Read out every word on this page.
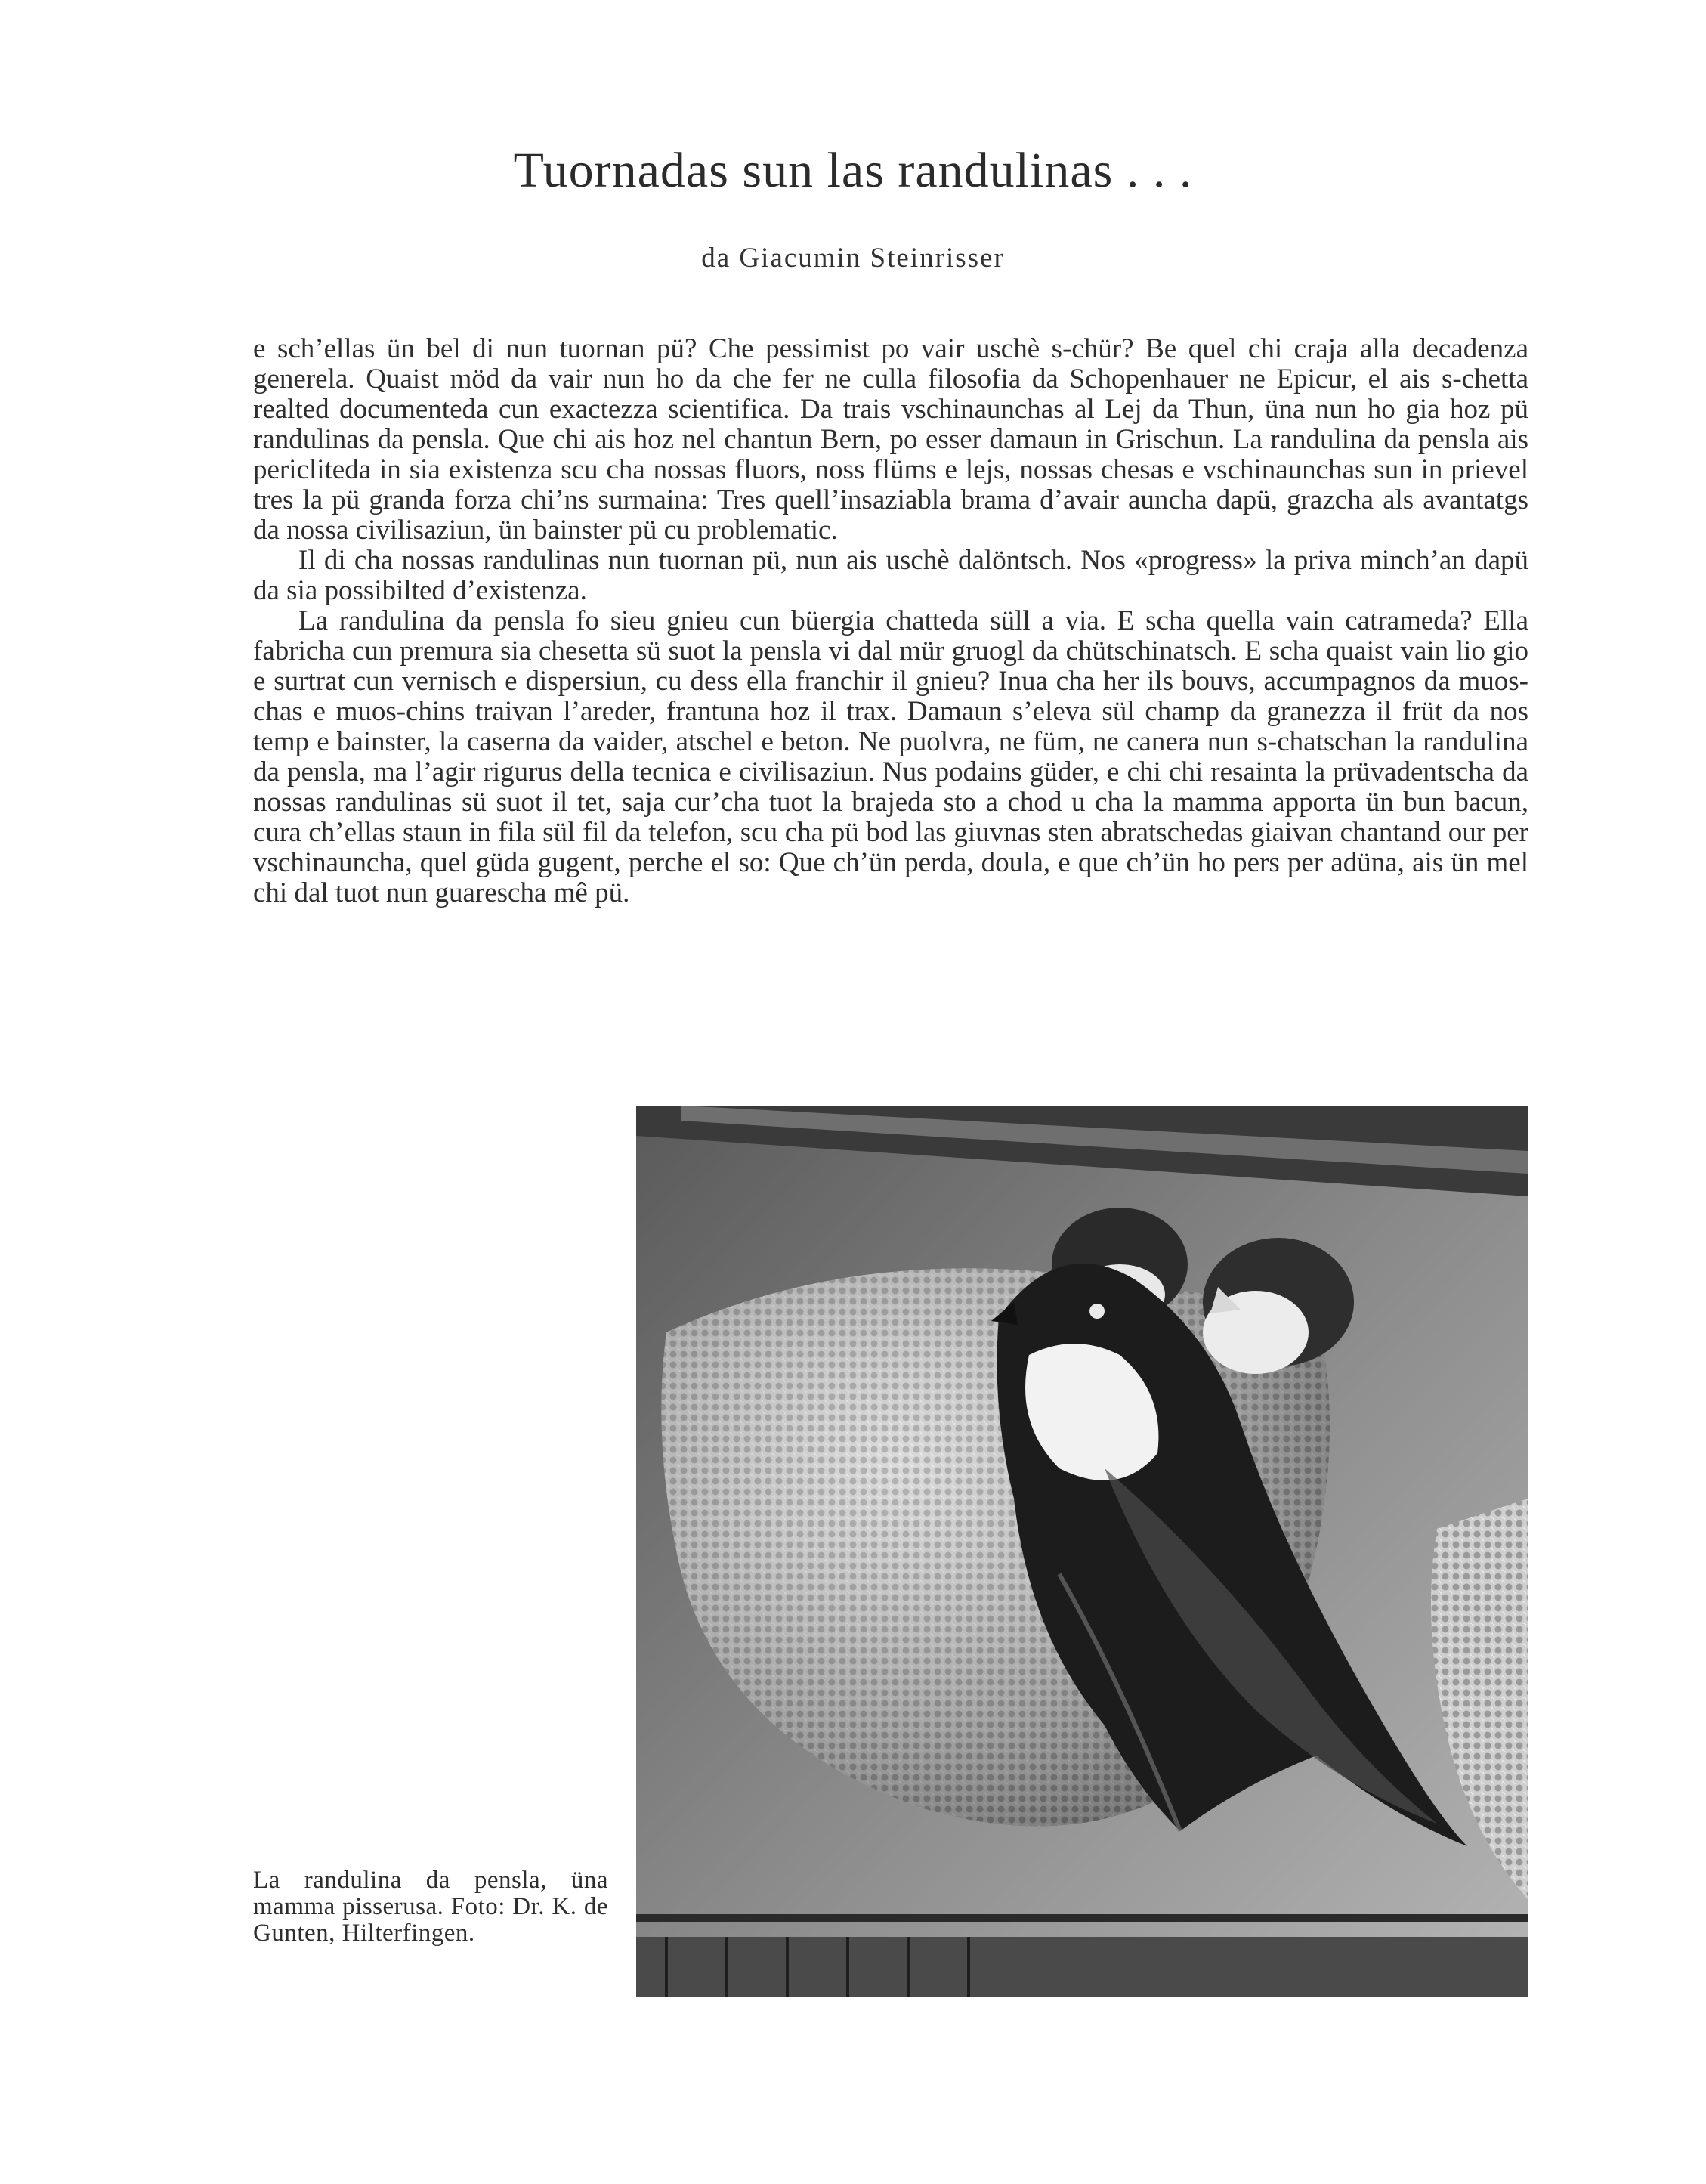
Tuornadas sun las randulinas . . .
da Giacumin Steinrisser

e sch’ellas ün bel di nun tuornan pü? Che pessimist po vair uschè s-chür? Be quel chi craja alla decadenza generela. Quaist möd da vair nun ho da che fer ne culla filosofia da Schopenhauer ne Epicur, el ais s-chetta realted documenteda cun exactezza scientifica. Da trais vschinaunchas al Lej da Thun, üna nun ho gia hoz pü randulinas da pensla. Que chi ais hoz nel chantun Bern, po esser damaun in Grischun. La randulina da pensla ais pericliteda in sia existenza scu cha nossas fluors, noss flüms e lejs, nossas chesas e vschinaunchas sun in prievel tres la pü granda forza chi’ns surmaina: Tres quell’insaziabla brama d’avair auncha dapü, grazcha als avantatgs da nossa civilisaziun, ün bainster pü cu problematic.

Il di cha nossas randulinas nun tuornan pü, nun ais uschè dalöntsch. Nos «progress» la priva minch’an dapü da sia possibilted d’existenza.

La randulina da pensla fo sieu gnieu cun büergia chatteda süll a via. E scha quella vain catrameda? Ella fabricha cun premura sia chesetta sü suot la pensla vi dal mür gruogl da chütschinatsch. E scha quaist vain lio gio e surtrat cun vernisch e dispersiun, cu dess ella franchir il gnieu? Inua cha her ils bouvs, accumpagnos da muos-chas e muos-chins traivan l’areder, frantuna hoz il trax. Damaun s’eleva sül champ da granezza il früt da nos temp e bainster, la caserna da vaider, atschel e beton. Ne puolvra, ne füm, ne canera nun s-chatschan la randulina da pensla, ma l’agir rigurus della tecnica e civilisaziun. Nus podains güder, e chi chi resainta la prüvadentscha da nossas randulinas sü suot il tet, saja cur’cha tuot la brajeda sto a chod u cha la mamma apporta ün bun bacun, cura ch’ellas staun in fila sül fil da telefon, scu cha pü bod las giuvnas sten abratschedas giaivan chantand our per vschinauncha, quel güda gugent, perche el so: Que ch’ün perda, doula, e que ch’ün ho pers per adüna, ais ün mel chi dal tuot nun guarescha mê pü.

La randulina da pensla, üna mamma pisserusa. Foto: Dr. K. de Gunten, Hilterfingen.
